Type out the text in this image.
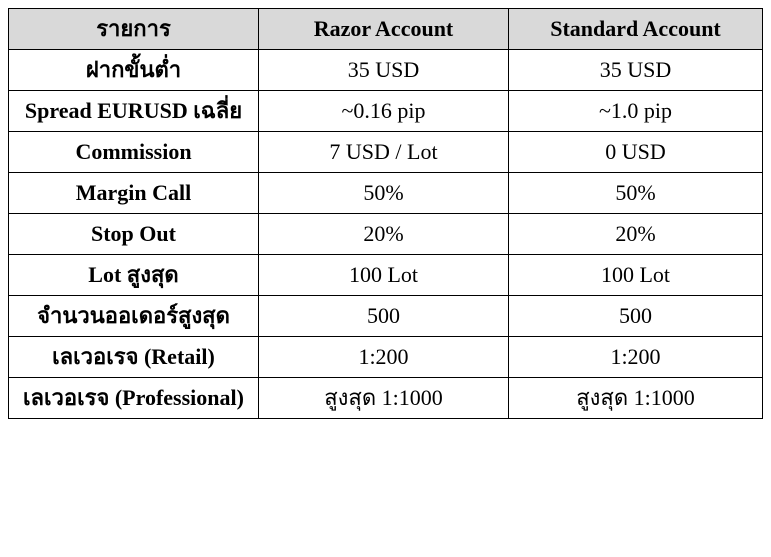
รายการ	Razor Account	Standard Account
ฝากขั้นต่ำ	35 USD	35 USD
Spread EURUSD เฉลี่ย	~0.16 pip	~1.0 pip
Commission	7 USD / Lot	0 USD
Margin Call	50%	50%
Stop Out	20%	20%
Lot สูงสุด	100 Lot	100 Lot
จำนวนออเดอร์สูงสุด	500	500
เลเวอเรจ (Retail)	1:200	1:200
เลเวอเรจ (Professional)	สูงสุด 1:1000	สูงสุด 1:1000
